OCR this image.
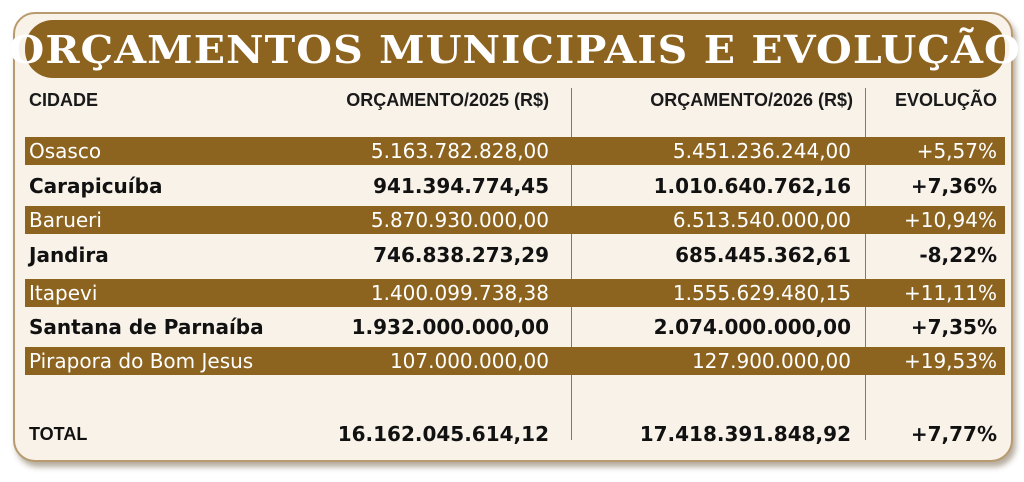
ORÇAMENTOS MUNICIPAIS E EVOLUÇÃO
CIDADE	ORÇAMENTO/2025 (R$)	ORÇAMENTO/2026 (R$)	EVOLUÇÃO
Osasco	5.163.782.828,00	5.451.236.244,00	+5,57%
Carapicuíba	941.394.774,45	1.010.640.762,16	+7,36%
Barueri	5.870.930.000,00	6.513.540.000,00	+10,94%
Jandira	746.838.273,29	685.445.362,61	-8,22%
Itapevi	1.400.099.738,38	1.555.629.480,15	+11,11%
Santana de Parnaíba	1.932.000.000,00	2.074.000.000,00	+7,35%
Pirapora do Bom Jesus	107.000.000,00	127.900.000,00	+19,53%
TOTAL	16.162.045.614,12	17.418.391.848,92	+7,77%
